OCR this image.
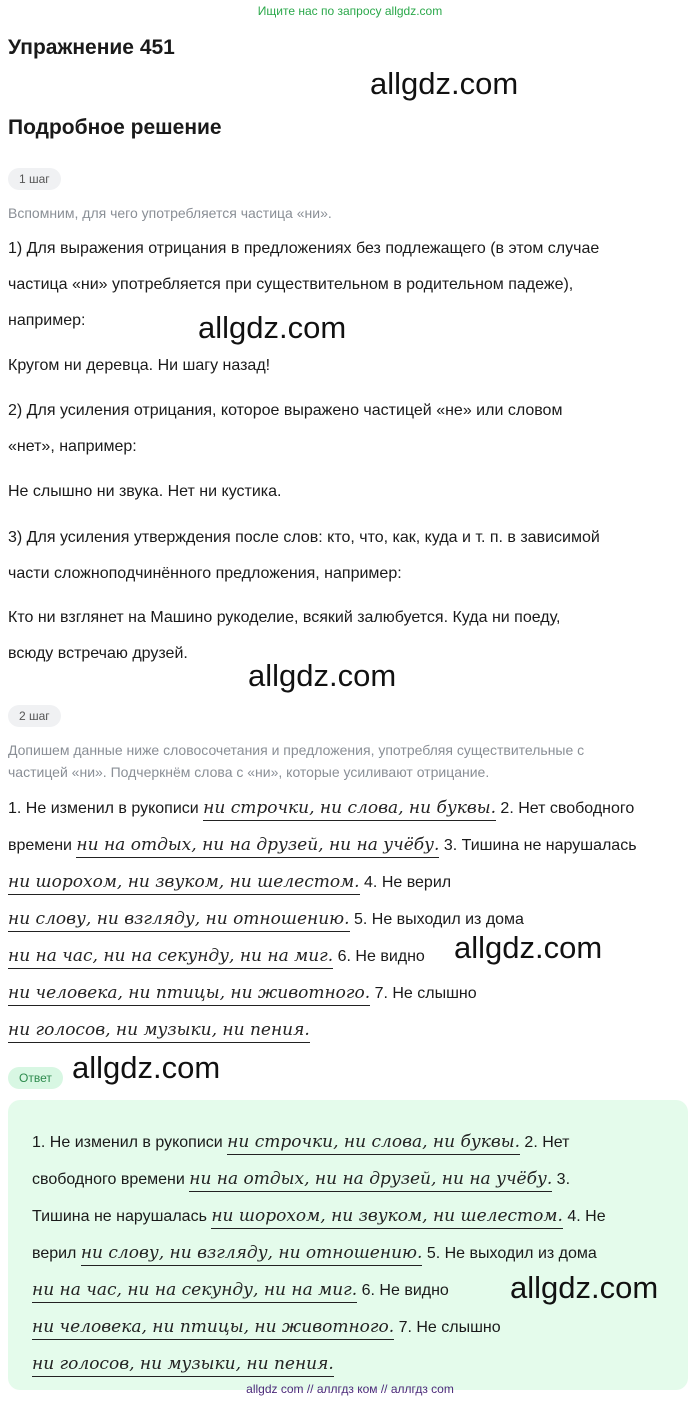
Ищите нас по запросу allgdz.com
Упражнение 451
allgdz.com
Подробное решение
1 шаг
Вспомним, для чего употребляется частица «ни».
1) Для выражения отрицания в предложениях без подлежащего (в этом случае
частица «ни» употребляется при существительном в родительном падеже),
например:	allgdz.com
Кругом ни деревца. Ни шагу назад!
2) Для усиления отрицания, которое выражено частицей «не» или словом
«нет», например:
Не слышно ни звука. Нет ни кустика.
3) Для усиления утверждения после слов: кто, что, как, куда и т. п. в зависимой
части сложноподчинённого предложения, например:
Кто ни взглянет на Машино рукоделие, всякий залюбуется. Куда ни поеду,
всюду встречаю друзей.
allgdz.com
2 шаг
Допишем данные ниже словосочетания и предложения, употребляя существительные с
частицей «ни». Подчеркнём слова с «ни», которые усиливают отрицание.
1. Не изменил в рукописи ни строчки, ни слова, ни буквы. 2. Нет свободного
времени ни на отдых, ни на друзей, ни на учёбу. 3. Тишина не нарушалась
ни шорохом, ни звуком, ни шелестом. 4. Не верил
ни слову, ни взгляду, ни отношению. 5. Не выходил из дома
ни на час, ни на секунду, ни на миг. 6. Не видно
ни человека, ни птицы, ни животного. 7. Не слышно
ни голосов, ни музыки, ни пения.
allgdz.com
Ответ allgdz.com
1. Не изменил в рукописи ни строчки, ни слова, ни буквы. 2. Нет
свободного времени ни на отдых, ни на друзей, ни на учёбу. 3.
Тишина не нарушалась ни шорохом, ни звуком, ни шелестом. 4. Не
верил ни слову, ни взгляду, ни отношению. 5. Не выходил из дома
ни на час, ни на секунду, ни на миг. 6. Не видно
ни человека, ни птицы, ни животного. 7. Не слышно
ни голосов, ни музыки, ни пения.
allgdz.com
allgdz com // аллгдз ком // аллгдз com
